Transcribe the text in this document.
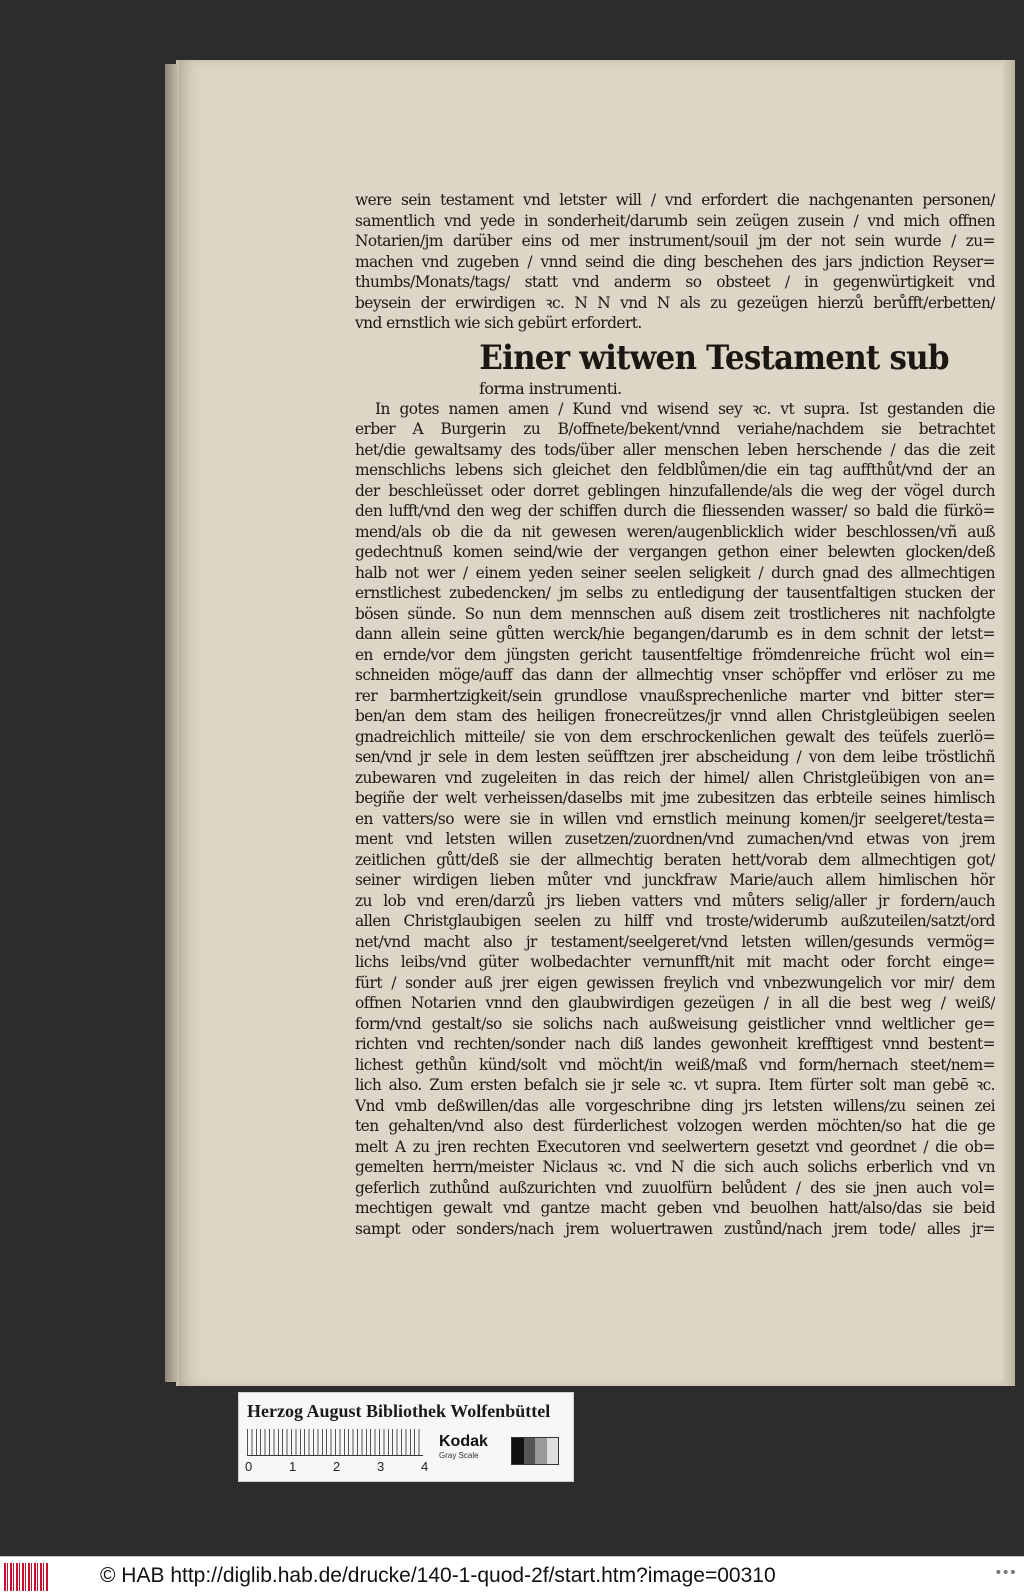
were sein testament vnd letster will / vnd erfordert die nachgenanten personen/
samentlich vnd yede in sonderheit/darumb sein zeügen zusein / vnd mich offnen
Notarien/jm darüber eins od mer instrument/souil jm der not sein wurde / zu=
machen vnd zugeben / vnnd seind die ding beschehen des jars jndiction Reyser=
thumbs/Monats/tags/ statt vnd anderm so obsteet / in gegenwürtigkeit vnd
beysein der erwirdigen ꝛc. N N vnd N als zu gezeügen hierzů berůfft/erbetten/
vnd ernstlich wie sich gebürt erfordert.
Einer witwen Testament sub
forma instrumenti.
In gotes namen amen / Kund vnd wisend sey ꝛc. vt supra. Ist gestanden die
erber A Burgerin zu B/offnete/bekent/vnnd veriahe/nachdem sie betrachtet
het/die gewaltsamy des tods/über aller menschen leben herschende / das die zeit
menschlichs lebens sich gleichet den feldblůmen/die ein tag auffthůt/vnd der an
der beschleüsset oder dorret geblingen hinzufallende/als die weg der vögel durch
den lufft/vnd den weg der schiffen durch die fliessenden wasser/ so bald die fürkö=
mend/als ob die da nit gewesen weren/augenblicklich wider beschlossen/vñ auß
gedechtnuß komen seind/wie der vergangen gethon einer belewten glocken/deß
halb not wer / einem yeden seiner seelen seligkeit / durch gnad des allmechtigen
ernstlichest zubedencken/ jm selbs zu entledigung der tausentfaltigen stucken der
bösen sünde. So nun dem mennschen auß disem zeit trostlicheres nit nachfolgte
dann allein seine gůtten werck/hie begangen/darumb es in dem schnit der letst=
en ernde/vor dem jüngsten gericht tausentfeltige frömdenreiche frücht wol ein=
schneiden möge/auff das dann der allmechtig vnser schöpffer vnd erlöser zu me
rer barmhertzigkeit/sein grundlose vnaußsprechenliche marter vnd bitter ster=
ben/an dem stam des heiligen fronecreützes/jr vnnd allen Christgleübigen seelen
gnadreichlich mitteile/ sie von dem erschrockenlichen gewalt des teüfels zuerlö=
sen/vnd jr sele in dem lesten seüfftzen jrer abscheidung / von dem leibe tröstlichñ
zubewaren vnd zugeleiten in das reich der himel/ allen Christgleübigen von an=
begiñe der welt verheissen/daselbs mit jme zubesitzen das erbteile seines himlisch
en vatters/so were sie in willen vnd ernstlich meinung komen/jr seelgeret/testa=
ment vnd letsten willen zusetzen/zuordnen/vnd zumachen/vnd etwas von jrem
zeitlichen gůtt/deß sie der allmechtig beraten hett/vorab dem allmechtigen got/
seiner wirdigen lieben můter vnd junckfraw Marie/auch allem himlischen hör
zu lob vnd eren/darzů jrs lieben vatters vnd můters selig/aller jr fordern/auch
allen Christglaubigen seelen zu hilff vnd troste/widerumb außzuteilen/satzt/ord
net/vnd macht also jr testament/seelgeret/vnd letsten willen/gesunds vermög=
lichs leibs/vnd güter wolbedachter vernunfft/nit mit macht oder forcht einge=
fürt / sonder auß jrer eigen gewissen freylich vnd vnbezwungelich vor mir/ dem
offnen Notarien vnnd den glaubwirdigen gezeügen / in all die best weg / weiß/
form/vnd gestalt/so sie solichs nach außweisung geistlicher vnnd weltlicher ge=
richten vnd rechten/sonder nach diß landes gewonheit krefftigest vnnd bestent=
lichest gethůn künd/solt vnd möcht/in weiß/maß vnd form/hernach steet/nem=
lich also. Zum ersten befalch sie jr sele ꝛc. vt supra. Item fürter solt man gebē ꝛc.
Vnd vmb deßwillen/das alle vorgeschribne ding jrs letsten willens/zu seinen zei
ten gehalten/vnd also dest fürderlichest volzogen werden möchten/so hat die ge
melt A zu jren rechten Executoren vnd seelwertern gesetzt vnd geordnet / die ob=
gemelten herrn/meister Niclaus ꝛc. vnd N die sich auch solichs erberlich vnd vn
geferlich zuthůnd außzurichten vnd zuuolfürn belůdent / des sie jnen auch vol=
mechtigen gewalt vnd gantze macht geben vnd beuolhen hatt/also/das sie beid
sampt oder sonders/nach jrem woluertrawen zustůnd/nach jrem tode/ alles jr=
Herzog August Bibliothek Wolfenbüttel
0	1	2	3	4
Kodak
Gray Scale
© HAB http://diglib.hab.de/drucke/140-1-quod-2f/start.htm?image=00310	•••
